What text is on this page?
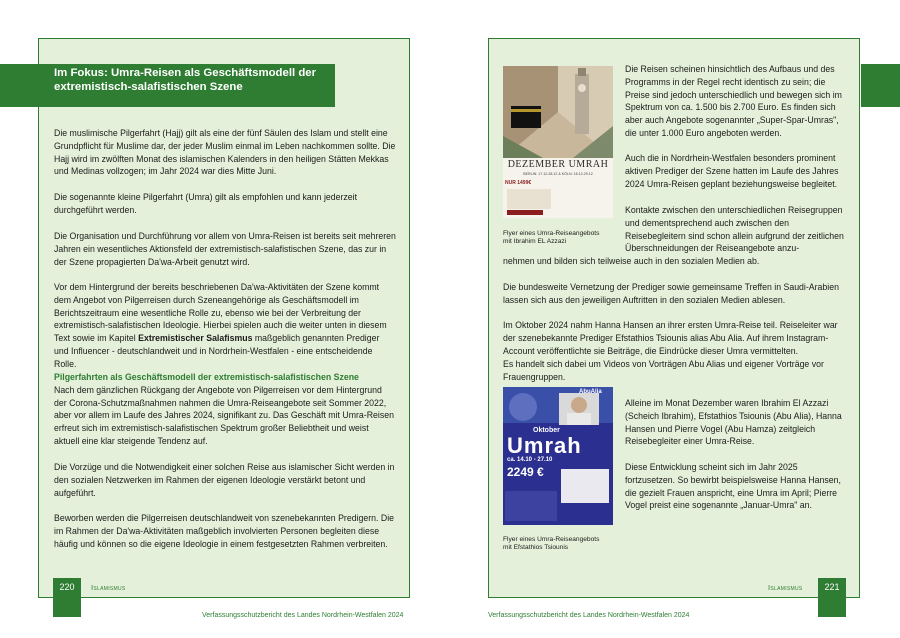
Im Fokus: Umra-Reisen als Geschäftsmodell der
extremistisch-salafistischen Szene

Die muslimische Pilgerfahrt (Hajj) gilt als eine der fünf Säulen des Islam und stellt eine Grundpflicht für Muslime dar, der jeder Muslim einmal im Leben nachkommen sollte. Die Hajj wird im zwölften Monat des islamischen Kalenders in den heiligen Stätten Mekkas und Medinas vollzogen; im Jahr 2024 war dies Mitte Juni.

Die sogenannte kleine Pilgerfahrt (Umra) gilt als empfohlen und kann jederzeit durchgeführt werden.

Die Organisation und Durchführung vor allem von Umra-Reisen ist bereits seit mehreren Jahren ein wesentliches Aktionsfeld der extremistisch-salafistischen Szene, das zur in der Szene propagierten Da'wa-Arbeit genutzt wird.

Vor dem Hintergrund der bereits beschriebenen Da'wa-Aktivitäten der Szene kommt dem Angebot von Pilgerreisen durch Szeneangehörige als Geschäftsmodell im Berichtszeitraum eine wesentliche Rolle zu, ebenso wie bei der Verbreitung der extremistisch-salafistischen Ideologie. Hierbei spielen auch die weiter unten in diesem Text sowie im Kapitel Extremistischer Salafismus maßgeblich genannten Prediger und Influencer - deutschlandweit und in Nordrhein-Westfalen - eine entscheidende Rolle.

Pilgerfahrten als Geschäftsmodell der extremistisch-salafistischen Szene
Nach dem gänzlichen Rückgang der Angebote von Pilgerreisen vor dem Hintergrund der Corona-Schutzmaßnahmen nahmen die Umra-Reiseangebote seit Sommer 2022, aber vor allem im Laufe des Jahres 2024, signifikant zu. Das Geschäft mit Umra-Reisen erfreut sich im extremistisch-salafistischen Spektrum großer Beliebtheit und weist aktuell eine klar steigende Tendenz auf.

Die Vorzüge und die Notwendigkeit einer solchen Reise aus islamischer Sicht werden in den sozialen Netzwerken im Rahmen der eigenen Ideologie verstärkt betont und aufgeführt.

Beworben werden die Pilgerreisen deutschlandweit von szenebekannten Predigern. Die im Rahmen der Da'wa-Aktivitäten maßgeblich involvierten Personen begleiten diese häufig und können so die eigene Ideologie in einem festgesetzten Rahmen verbreiten.

220	Islamismus
Verfassungsschutzbericht des Landes Nordrhein-Westfalen 2024
DEZEMBER UMRAH
BERLIN: 17.12-28.12 & KÖLN: 18.12-29.12
NUR 1499€
Flyer eines Umra-Reiseangebots
mit Ibrahim EL Azzazi

Die Reisen scheinen hinsichtlich des Aufbaus und des Programms in der Regel recht identisch zu sein; die Preise sind jedoch unterschiedlich und bewegen sich im Spektrum von ca. 1.500 bis 2.700 Euro. Es finden sich aber auch Angebote sogenannter „Super-Spar-Umras", die unter 1.000 Euro angeboten werden.

Auch die in Nordrhein-Westfalen besonders prominent aktiven Prediger der Szene hatten im Laufe des Jahres 2024 Umra-Reisen geplant beziehungsweise begleitet.

Kontakte zwischen den unterschiedlichen Reisegruppen und dementsprechend auch zwischen den Reisebegleitern sind schon allein aufgrund der zeitlichen Überschneidungen der Reiseangebote anzu-

nehmen und bilden sich teilweise auch in den sozialen Medien ab.

Die bundesweite Vernetzung der Prediger sowie gemeinsame Treffen in Saudi-Arabien lassen sich aus den jeweiligen Auftritten in den sozialen Medien ablesen.

Im Oktober 2024 nahm Hanna Hansen an ihrer ersten Umra-Reise teil. Reiseleiter war der szenebekannte Prediger Efstathios Tsiounis alias Abu Alia. Auf ihrem Instagram-Account veröffentlichte sie Beiträge, die Eindrücke dieser Umra vermittelten.

Es handelt sich dabei um Videos von Vorträgen Abu Alias und eigener Vorträge vor Frauengruppen.

AbuAlia
Oktober
Umrah
ca. 14.10 - 27.10
2249 €
Flyer eines Umra-Reiseangebots
mit Efstathios Tsiounis

Alleine im Monat Dezember waren Ibrahim El Azzazi (Scheich Ibrahim), Efstathios Tsiounis (Abu Alia), Hanna Hansen und Pierre Vogel (Abu Hamza) zeitgleich Reisebegleiter einer Umra-Reise.

Diese Entwicklung scheint sich im Jahr 2025 fortzusetzen. So bewirbt beispielsweise Hanna Hansen, die gezielt Frauen anspricht, eine Umra im April; Pierre Vogel preist eine sogenannte „Januar-Umra" an.

Islamismus	221
Verfassungsschutzbericht des Landes Nordrhein-Westfalen 2024
